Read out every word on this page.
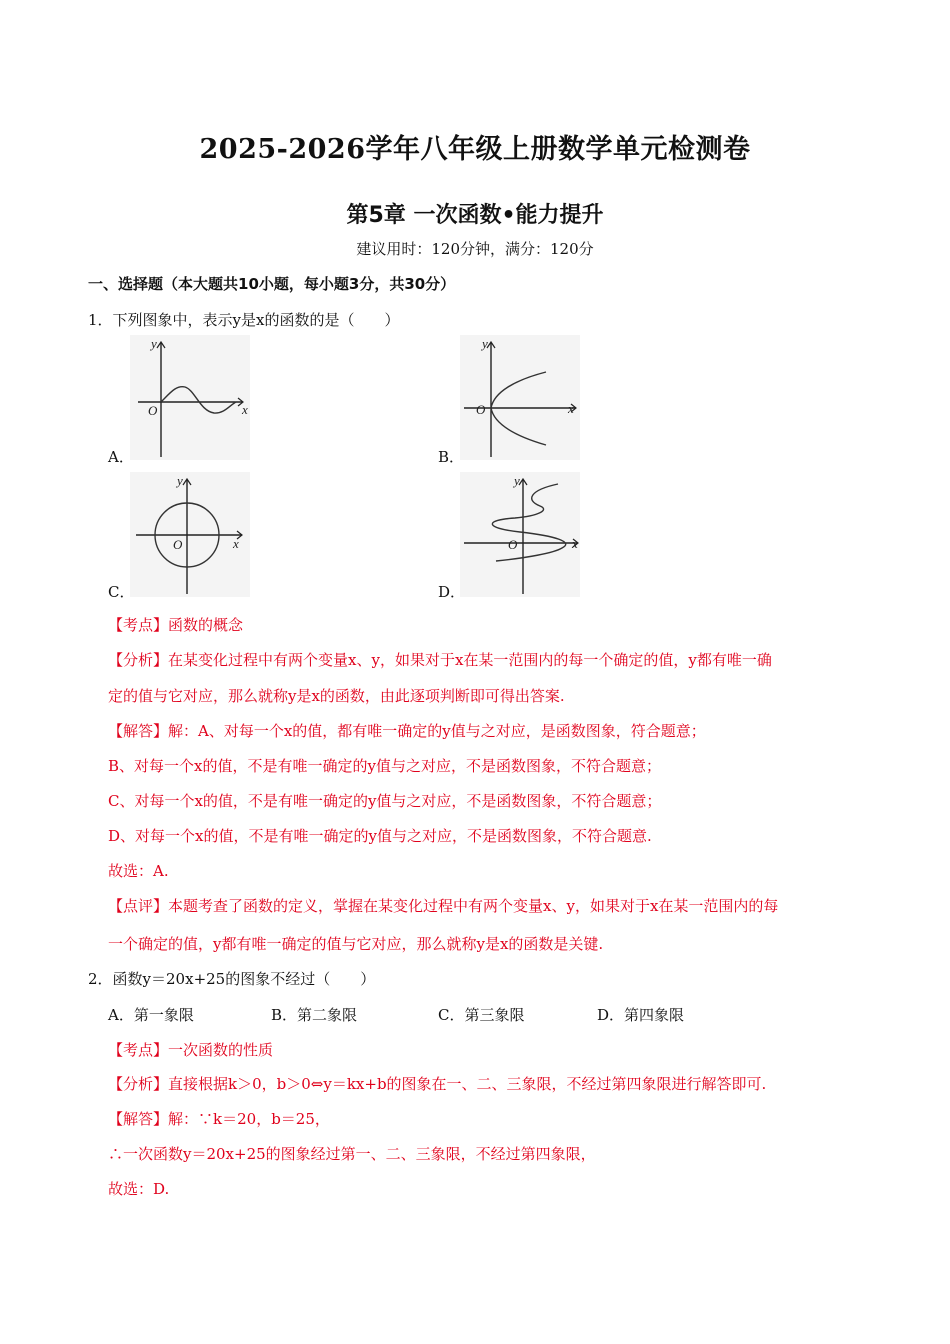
2025-2026学年八年级上册数学单元检测卷
第5章 一次函数•能力提升
建议用时：120分钟，满分：120分
一、选择题（本大题共10小题，每小题3分，共30分）
1．下列图象中，表示y是x的函数的是（　　）
y
x
O
A．
y
x
O
B．
y
x
O
C．
y
x
O
D．
【考点】函数的概念
【分析】在某变化过程中有两个变量x、y，如果对于x在某一范围内的每一个确定的值，y都有唯一确
定的值与它对应，那么就称y是x的函数，由此逐项判断即可得出答案.
【解答】解：A、对每一个x的值，都有唯一确定的y值与之对应，是函数图象，符合题意；
B、对每一个x的值，不是有唯一确定的y值与之对应，不是函数图象，不符合题意；
C、对每一个x的值，不是有唯一确定的y值与之对应，不是函数图象，不符合题意；
D、对每一个x的值，不是有唯一确定的y值与之对应，不是函数图象，不符合题意.
故选：A.
【点评】本题考查了函数的定义，掌握在某变化过程中有两个变量x、y，如果对于x在某一范围内的每
一个确定的值，y都有唯一确定的值与它对应，那么就称y是x的函数是关键.
2．函数y＝20x+25的图象不经过（　　）
A．第一象限	B．第二象限	C．第三象限	D．第四象限
【考点】一次函数的性质
【分析】直接根据k＞0，b＞0⇔y＝kx+b的图象在一、二、三象限，不经过第四象限进行解答即可.
【解答】解：∵k＝20，b＝25，
∴一次函数y＝20x+25的图象经过第一、二、三象限，不经过第四象限，
故选：D.
